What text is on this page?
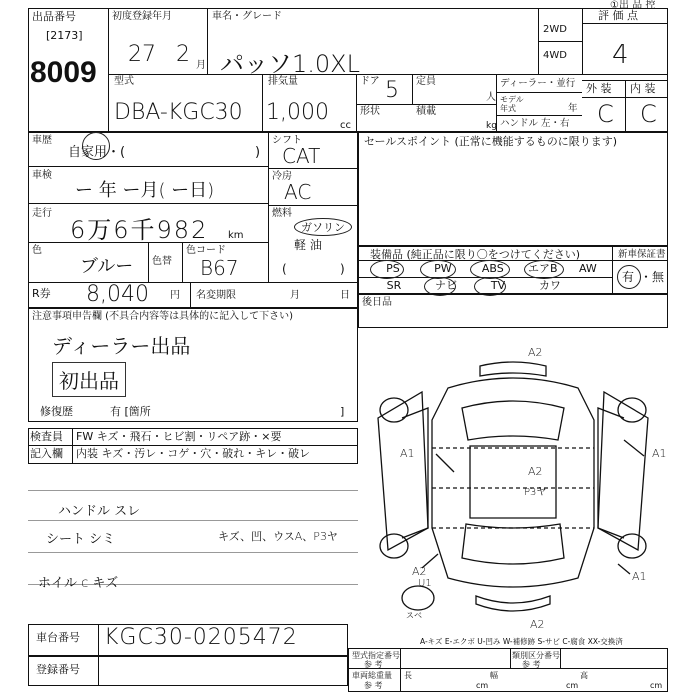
①出 品 控
出品番号
[2173]
8009
初度登録年月
27 2 月
車名・グレード
パッソ1.0XL
2WD
4WD
評 価 点
4
型式
DBA-KGC30
排気量
1,000
cc
ドア 5 定員
人
形状	積載
kg
ディーラー・並行
モデル年式	年
ハンドル 左・右
外 装 内 装
C C
車歴
自家用・(	)
車検
ー 年 ー月( ー日)
走行
6万6千982 km
色
ブルー 色替
色コード
B67
シフト
CAT
冷房
AC
燃料
ガソリン
軽 油
(	)
R券 8,040 円 名変期限	月	日
セールスポイント (正常に機能するものに限ります)
装備品 (純正品に限り〇をつけてください)	新車保証書
PS	PW	ABS	エアB	AW
SR	ナビ	TV	カワ
有 ・ 無
後日品
注意事項申告欄 (不具合内容等は具体的に記入して下さい)
ディーラー出品
初出品
修復歴	有 [箇所	]
検査員
記入欄
FW キズ・飛石・ヒビ割・リペア跡・×要
内装 キズ・汚レ・コゲ・穴・破れ・キレ・破レ
ハンドル スレ
シート シミ	キズ、凹、ウスA、P3ヤ
ホイル c キズ
A2
A1	A1
A2
P3ヤ
A2
U1
スベ
A1
A2
A-キズ E-エクボ U-凹み W-補修跡 S-サビ C-腐食 XX-交換済
車台番号 KGC30-0205472
登録番号
型式指定番号
参 考
類別区分番号
参 考
車両総重量
参 考
長
cm
幅
cm
高
cm
